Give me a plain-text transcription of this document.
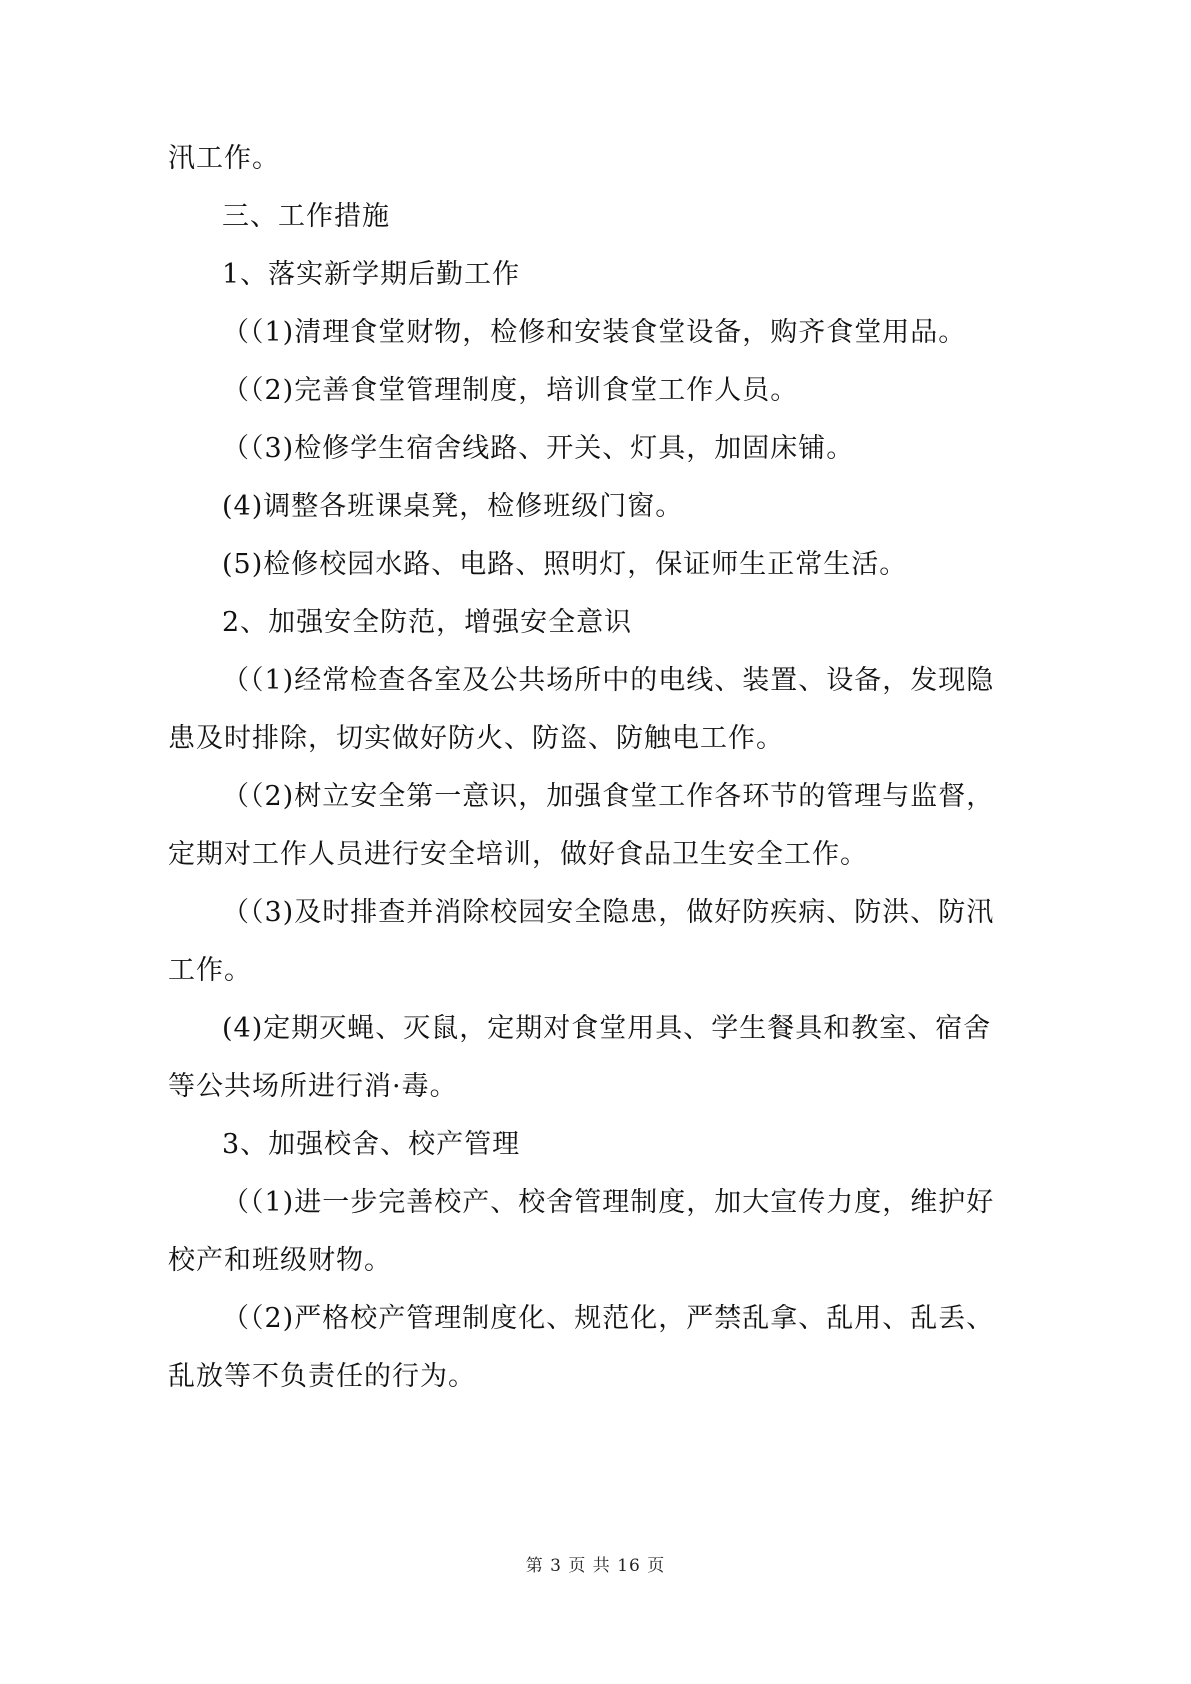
汛工作。
三、工作措施
1、落实新学期后勤工作
（（1)清理食堂财物，检修和安装食堂设备，购齐食堂用品。
（（2)完善食堂管理制度，培训食堂工作人员。
（（3)检修学生宿舍线路、开关、灯具，加固床铺。
(4)调整各班课桌凳，检修班级门窗。
(5)检修校园水路、电路、照明灯，保证师生正常生活。
2、加强安全防范，增强安全意识
（（1)经常检查各室及公共场所中的电线、装置、设备，发现隐
患及时排除，切实做好防火、防盗、防触电工作。
（（2)树立安全第一意识，加强食堂工作各环节的管理与监督，
定期对工作人员进行安全培训，做好食品卫生安全工作。
（（3)及时排查并消除校园安全隐患，做好防疾病、防洪、防汛
工作。
(4)定期灭蝇、灭鼠，定期对食堂用具、学生餐具和教室、宿舍
等公共场所进行消·毒。
3、加强校舍、校产管理
（（1)进一步完善校产、校舍管理制度，加大宣传力度，维护好
校产和班级财物。
（（2)严格校产管理制度化、规范化，严禁乱拿、乱用、乱丢、
乱放等不负责任的行为。
第 3 页 共 16 页
